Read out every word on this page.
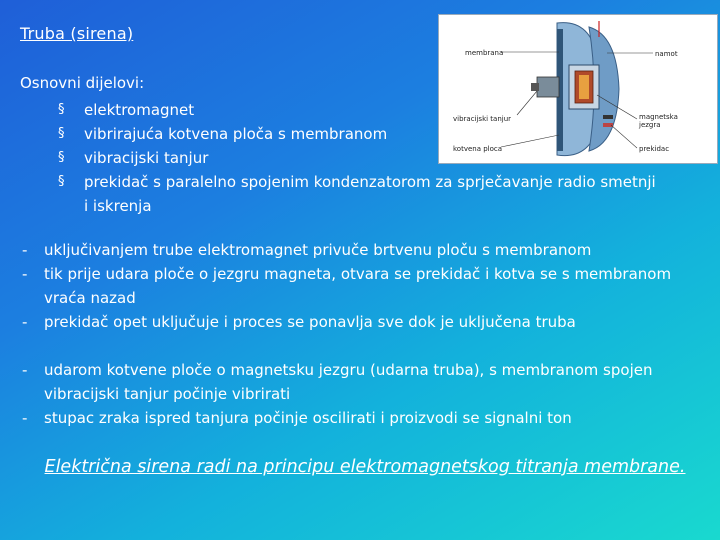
Truba (sirena)
Osnovni dijelovi:
§ elektromagnet
§ vibrirajuća kotvena ploča s membranom
§ vibracijski tanjur
§ prekidač s paralelno spojenim kondenzatorom za sprječavanje radio smetnji i iskrenja
- uključivanjem trube elektromagnet privuče brtvenu ploču s membranom
- tik prije udara ploče o jezgru magneta, otvara se prekidač i kotva se s membranom vraća nazad
- prekidač opet uključuje i proces se ponavlja sve dok je uključena truba
- udarom kotvene ploče o magnetsku jezgru (udarna truba), s membranom spojen vibracijski tanjur počinje vibrirati
- stupac zraka ispred tanjura počinje oscilirati i proizvodi se signalni ton
Električna sirena radi na principu elektromagnetskog titranja membrane.
membrana	namot
vibracijski tanjur	magnetska
jezgra
kotvena ploca	prekidac
